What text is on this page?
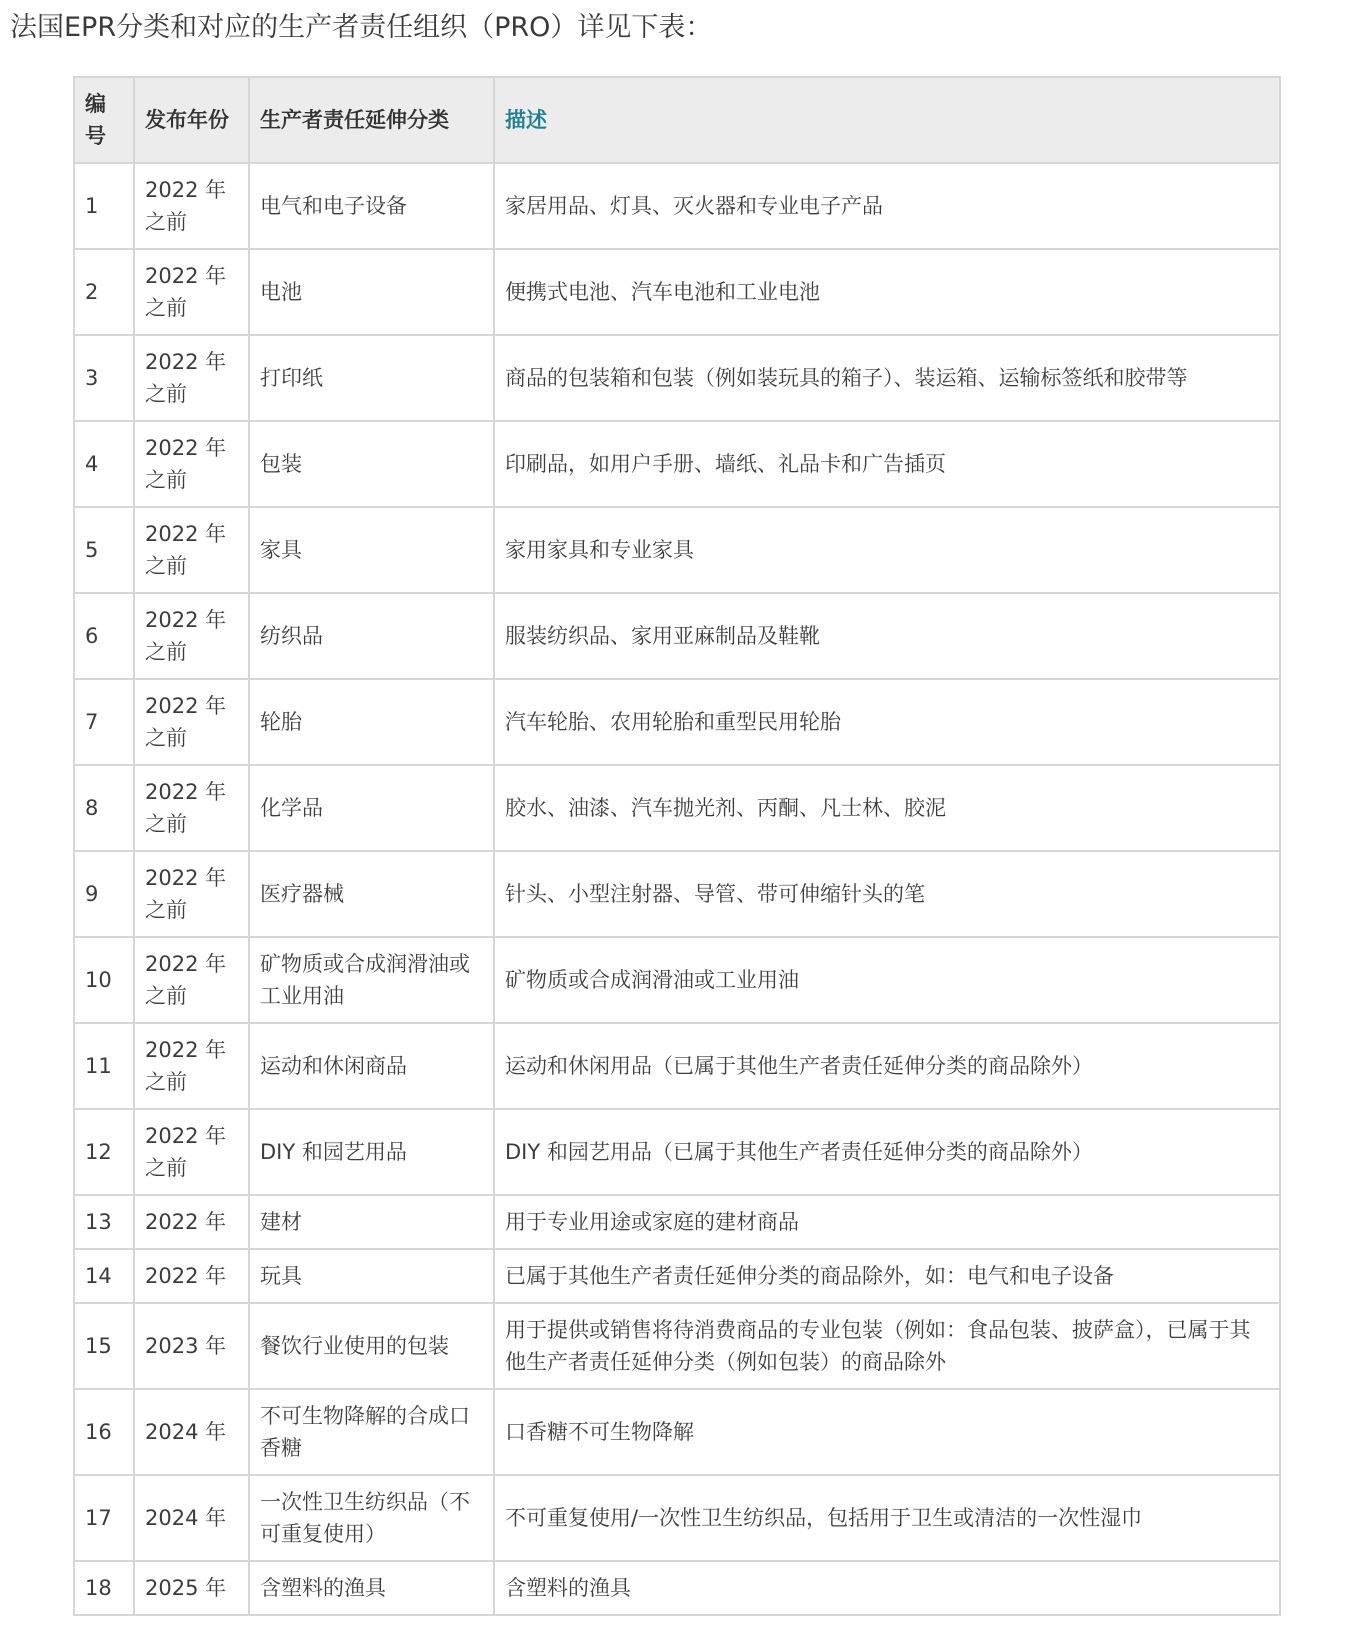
法国EPR分类和对应的生产者责任组织（PRO）详见下表：
编号	发布年份	生产者责任延伸分类	描述
1	2022 年之前	电气和电子设备	家居用品、灯具、灭火器和专业电子产品
2	2022 年之前	电池	便携式电池、汽车电池和工业电池
3	2022 年之前	打印纸	商品的包装箱和包装（例如装玩具的箱子）、装运箱、运输标签纸和胶带等
4	2022 年之前	包装	印刷品，如用户手册、墙纸、礼品卡和广告插页
5	2022 年之前	家具	家用家具和专业家具
6	2022 年之前	纺织品	服装纺织品、家用亚麻制品及鞋靴
7	2022 年之前	轮胎	汽车轮胎、农用轮胎和重型民用轮胎
8	2022 年之前	化学品	胶水、油漆、汽车抛光剂、丙酮、凡士林、胶泥
9	2022 年之前	医疗器械	针头、小型注射器、导管、带可伸缩针头的笔
10	2022 年之前	矿物质或合成润滑油或工业用油	矿物质或合成润滑油或工业用油
11	2022 年之前	运动和休闲商品	运动和休闲用品（已属于其他生产者责任延伸分类的商品除外）
12	2022 年之前	DIY 和园艺用品	DIY 和园艺用品（已属于其他生产者责任延伸分类的商品除外）
13	2022 年	建材	用于专业用途或家庭的建材商品
14	2022 年	玩具	已属于其他生产者责任延伸分类的商品除外，如：电气和电子设备
15	2023 年	餐饮行业使用的包装	用于提供或销售将待消费商品的专业包装（例如：食品包装、披萨盒），已属于其他生产者责任延伸分类（例如包装）的商品除外
16	2024 年	不可生物降解的合成口香糖	口香糖不可生物降解
17	2024 年	一次性卫生纺织品（不可重复使用）	不可重复使用/一次性卫生纺织品，包括用于卫生或清洁的一次性湿巾
18	2025 年	含塑料的渔具	含塑料的渔具
